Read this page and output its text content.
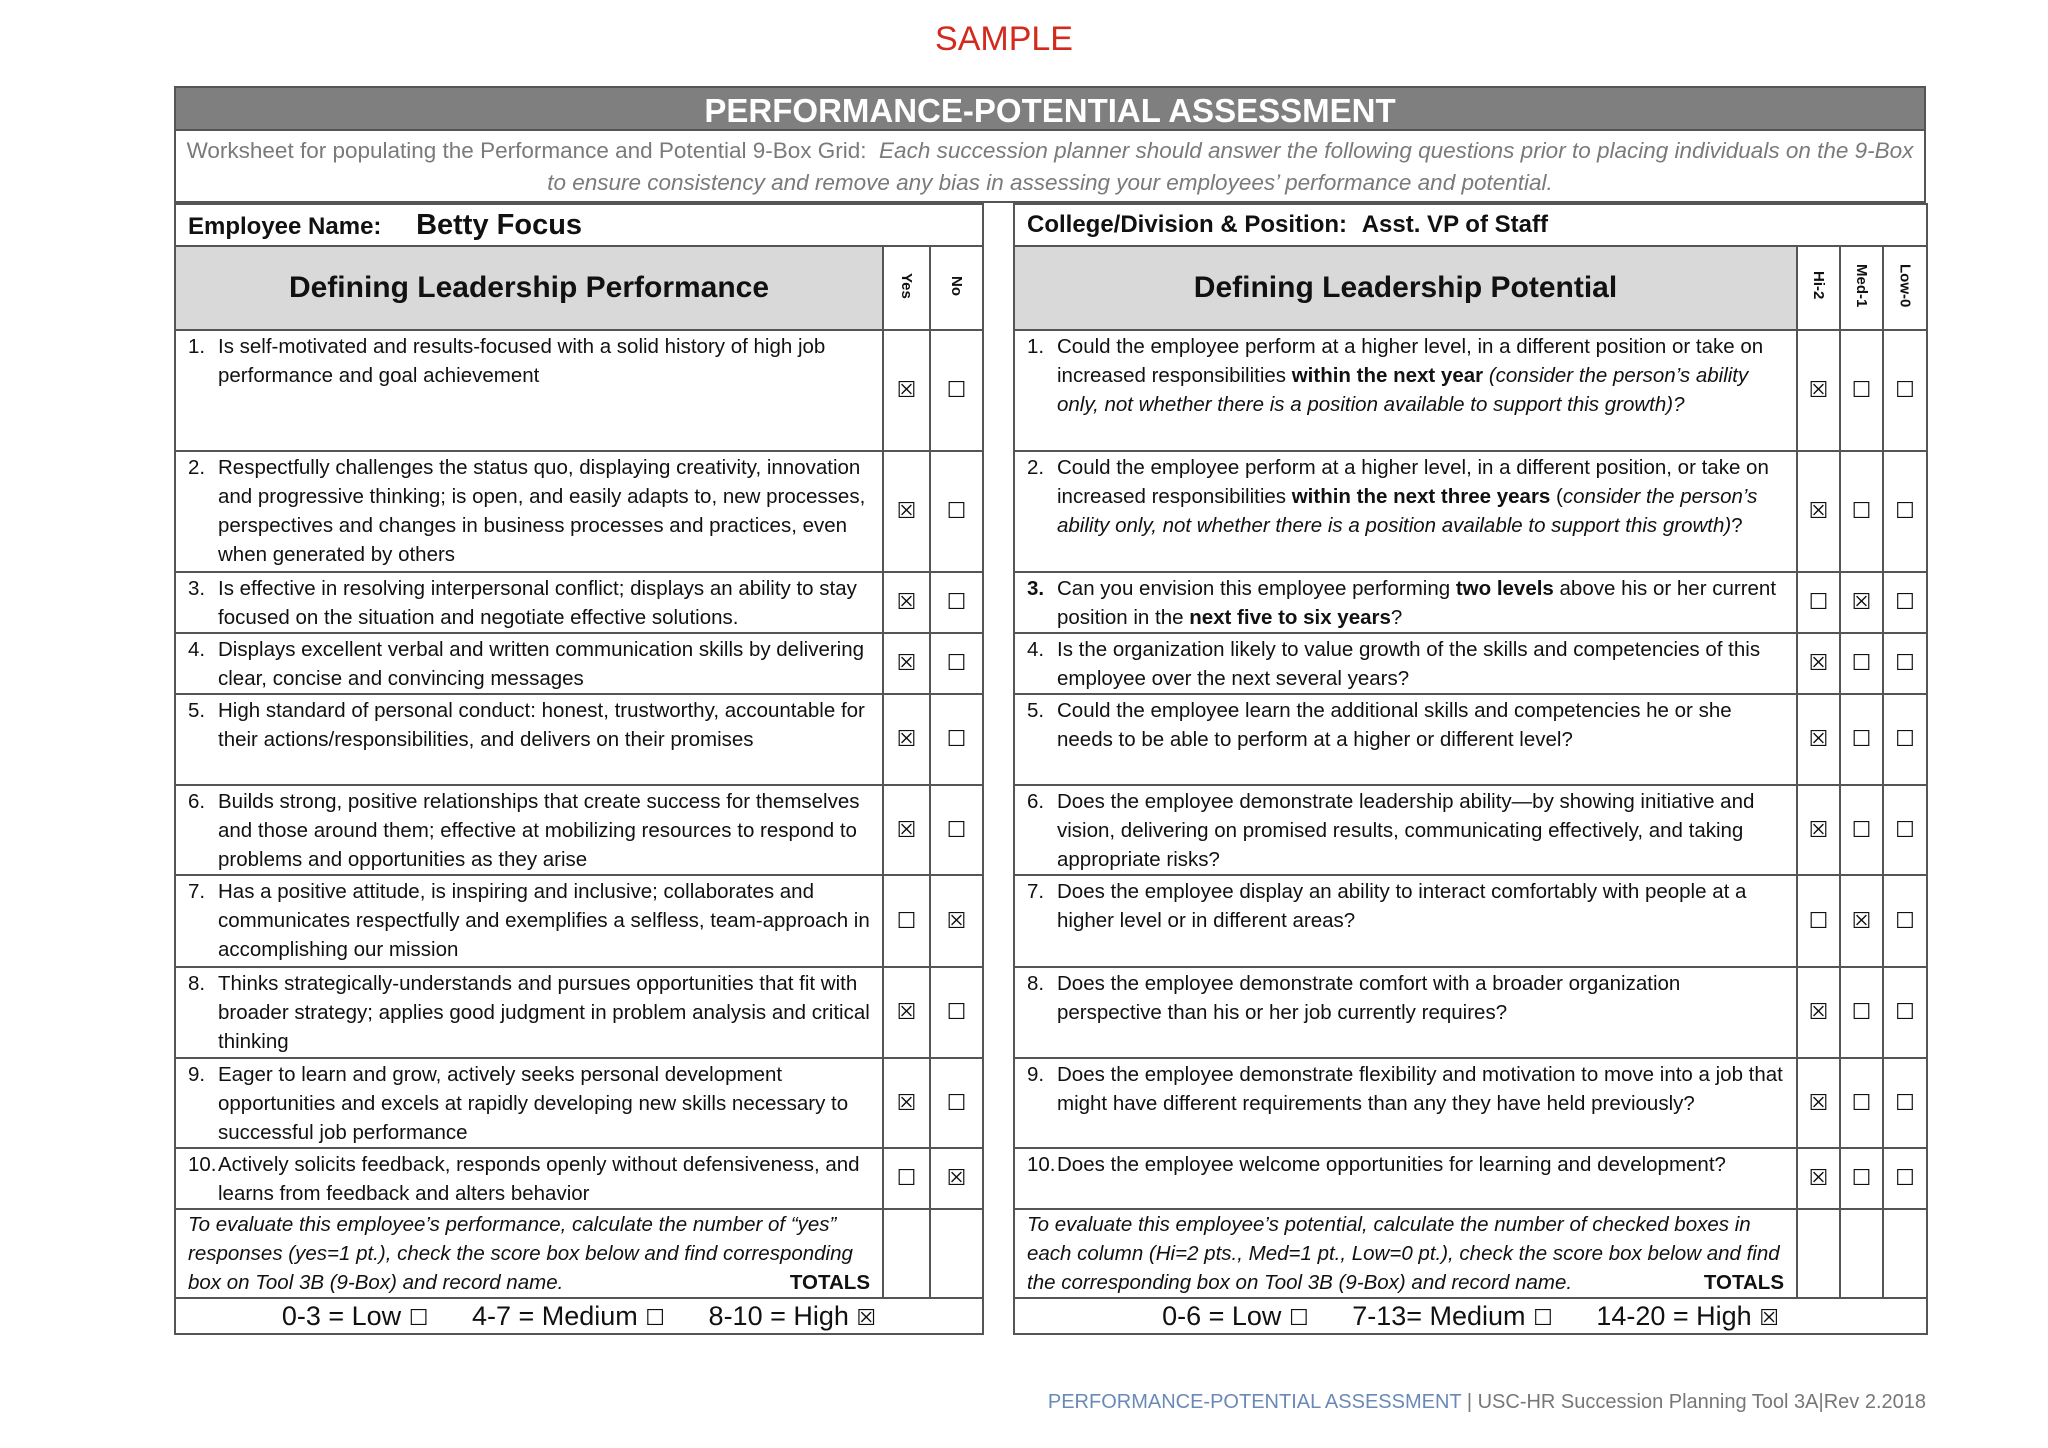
SAMPLE
PERFORMANCE-POTENTIAL ASSESSMENT
Worksheet for populating the Performance and Potential 9-Box Grid: Each succession planner should answer the following questions prior to placing individuals on the 9-Box to ensure consistency and remove any bias in assessing your employees’ performance and potential.
Employee Name: Betty Focus		
Defining Leadership Performance	Yes	No

1. Is self-motivated and results-focused with a solid history of high job performance and goal achievement	☒	☐

2. Respectfully challenges the status quo, displaying creativity, innovation and progressive thinking; is open, and easily adapts to, new processes, perspectives and changes in business processes and practices, even when generated by others	☒	☐

3. Is effective in resolving interpersonal conflict; displays an ability to stay focused on the situation and negotiate effective solutions.	☒	☐

4. Displays excellent verbal and written communication skills by delivering clear, concise and convincing messages	☒	☐

5. High standard of personal conduct: honest, trustworthy, accountable for their actions/responsibilities, and delivers on their promises	☒	☐

6. Builds strong, positive relationships that create success for themselves and those around them; effective at mobilizing resources to respond to problems and opportunities as they arise	☒	☐

7. Has a positive attitude, is inspiring and inclusive; collaborates and communicates respectfully and exemplifies a selfless, team-approach in accomplishing our mission	☐	☒

8. Thinks strategically-understands and pursues opportunities that fit with broader strategy; applies good judgment in problem analysis and critical thinking	☒	☐

9. Eager to learn and grow, actively seeks personal development opportunities and excels at rapidly developing new skills necessary to successful job performance	☒	☐

10. Actively solicits feedback, responds openly without defensiveness, and learns from feedback and alters behavior	☐	☒
To evaluate this employee’s performance, calculate the number of “yes” responses (yes=1 pt.), check the score box below and find corresponding box on Tool 3B (9-Box) and record name. TOTALS		

0-3 = Low ☐ 4-7 = Medium ☐ 8-10 = High ☒		
College/Division & Position: Asst. VP of Staff			
Defining Leadership Potential	Hi-2	Med-1	Low-0

1. Could the employee perform at a higher level, in a different position or take on increased responsibilities within the next year (consider the person’s ability only, not whether there is a position available to support this growth)?	☒	☐	☐

2. Could the employee perform at a higher level, in a different position, or take on increased responsibilities within the next three years (consider the person’s ability only, not whether there is a position available to support this growth)?	☒	☐	☐

3. Can you envision this employee performing two levels above his or her current position in the next five to six years?	☐	☒	☐

4. Is the organization likely to value growth of the skills and competencies of this employee over the next several years?	☒	☐	☐

5. Could the employee learn the additional skills and competencies he or she needs to be able to perform at a higher or different level?	☒	☐	☐

6. Does the employee demonstrate leadership ability—by showing initiative and vision, delivering on promised results, communicating effectively, and taking appropriate risks?	☒	☐	☐

7. Does the employee display an ability to interact comfortably with people at a higher level or in different areas?	☐	☒	☐

8. Does the employee demonstrate comfort with a broader organization perspective than his or her job currently requires?	☒	☐	☐

9. Does the employee demonstrate flexibility and motivation to move into a job that might have different requirements than any they have held previously?	☒	☐	☐

10. Does the employee welcome opportunities for learning and development?	☒	☐	☐
To evaluate this employee’s potential, calculate the number of checked boxes in each column (Hi=2 pts., Med=1 pt., Low=0 pt.), check the score box below and find the corresponding box on Tool 3B (9-Box) and record name. TOTALS			

0-6 = Low ☐ 7-13= Medium ☐ 14-20 = High ☒			
PERFORMANCE-POTENTIAL ASSESSMENT | USC-HR Succession Planning Tool 3A|Rev 2.2018
